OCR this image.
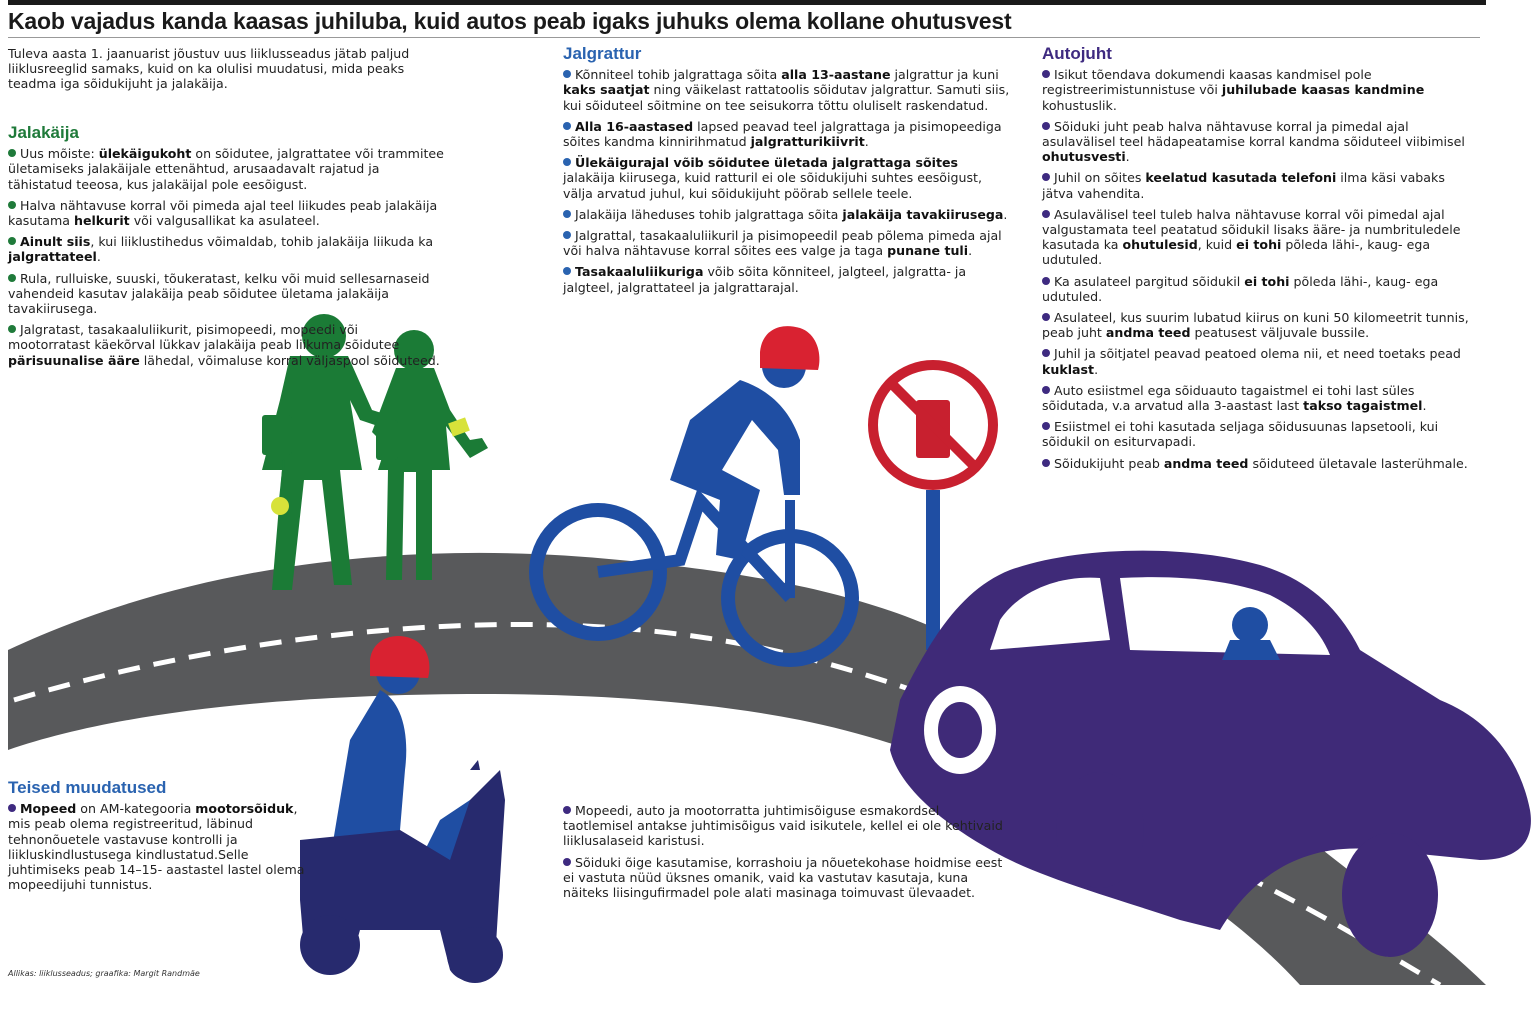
Kaob vajadus kanda kaasas juhiluba, kuid autos peab igaks juhuks olema kollane ohutusvest

Tuleva aasta 1. jaanuarist jõustuv uus liiklusseadus jätab paljud liiklusreeglid samaks, kuid on ka olulisi muudatusi, mida peaks teadma iga sõidukijuht ja jalakäija.

Jalakäija

Uus mõiste: ülekäigukoht on sõidutee, jalgrattatee või trammitee ületamiseks jalakäijale ettenähtud, arusaadavalt rajatud ja tähistatud teeosa, kus jalakäijal pole eesõigust.

Halva nähtavuse korral või pimeda ajal teel liikudes peab jalakäija kasutama helkurit või valgusallikat ka asulateel.

Ainult siis, kui liiklustihedus võimaldab, tohib jalakäija liikuda ka jalgrattateel.

Rula, rulluiske, suuski, tõukeratast, kelku või muid sellesarnaseid vahendeid kasutav jalakäija peab sõidutee ületama jalakäija tavakiirusega.

Jalgratast, tasakaaluliikurit, pisimopeedi, mopeedi või mootorratast käekõrval lükkav jalakäija peab liikuma sõidutee pärisuunalise ääre lähedal, võimaluse korral väljaspool sõiduteed.

Jalgrattur

Kõnniteel tohib jalgrattaga sõita alla 13-aastane jalgrattur ja kuni kaks saatjat ning väikelast rattatoolis sõidutav jalgrattur. Samuti siis, kui sõiduteel sõitmine on tee seisukorra tõttu oluliselt raskendatud.

Alla 16-aastased lapsed peavad teel jalgrattaga ja pisimopeediga sõites kandma kinnirihmatud jalgratturikiivrit.

Ülekäigurajal võib sõidutee ületada jalgrattaga sõites jalakäija kiirusega, kuid ratturil ei ole sõidukijuhi suhtes eesõigust, välja arvatud juhul, kui sõidukijuht pöörab sellele teele.

Jalakäija läheduses tohib jalgrattaga sõita jalakäija tavakiirusega.

Jalgrattal, tasakaaluliikuril ja pisimopeedil peab põlema pimeda ajal või halva nähtavuse korral sõites ees valge ja taga punane tuli.

Tasakaaluliikuriga võib sõita kõnniteel, jalgteel, jalgratta- ja jalgteel, jalgrattateel ja jalgrattarajal.

Autojuht

Isikut tõendava dokumendi kaasas kandmisel pole registreerimistunnistuse või juhilubade kaasas kandmine kohustuslik.

Sõiduki juht peab halva nähtavuse korral ja pimedal ajal asulavälisel teel hädapeatamise korral kandma sõiduteel viibimisel ohutusvesti.

Juhil on sõites keelatud kasutada telefoni ilma käsi vabaks jätva vahendita.

Asulavälisel teel tuleb halva nähtavuse korral või pimedal ajal valgustamata teel peatatud sõidukil lisaks ääre- ja numbrituledele kasutada ka ohutulesid, kuid ei tohi põleda lähi-, kaug- ega udutuled.

Ka asulateel pargitud sõidukil ei tohi põleda lähi-, kaug- ega udutuled.

Asulateel, kus suurim lubatud kiirus on kuni 50 kilomeetrit tunnis, peab juht andma teed peatusest väljuvale bussile.

Juhil ja sõitjatel peavad peatoed olema nii, et need toetaks pead kuklast.

Auto esiistmel ega sõiduauto tagaistmel ei tohi last süles sõidutada, v.a arvatud alla 3-aastast last takso tagaistmel.

Esiistmel ei tohi kasutada seljaga sõidusuunas lapsetooli, kui sõidukil on esiturvapadi.

Sõidukijuht peab andma teed sõiduteed ületavale lasterühmale.

Teised muudatused

Mopeed on AM-kategooria mootorsõiduk, mis peab olema registreeritud, läbinud tehnonõuetele vastavuse kontrolli ja liikluskindlustusega kindlustatud.Selle juhtimiseks peab 14–15- aastastel lastel olema mopeedijuhi tunnistus.

Mopeedi, auto ja mootorratta juhtimisõiguse esmakordsel taotlemisel antakse juhtimisõigus vaid isikutele, kellel ei ole kehtivaid liiklusalaseid karistusi.

Sõiduki õige kasutamise, korrashoiu ja nõuetekohase hoidmise eest ei vastuta nüüd üksnes omanik, vaid ka vastutav kasutaja, kuna näiteks liisingufirmadel pole alati masinaga toimuvast ülevaadet.

Allikas: liiklusseadus; graafika: Margit Randmäe
